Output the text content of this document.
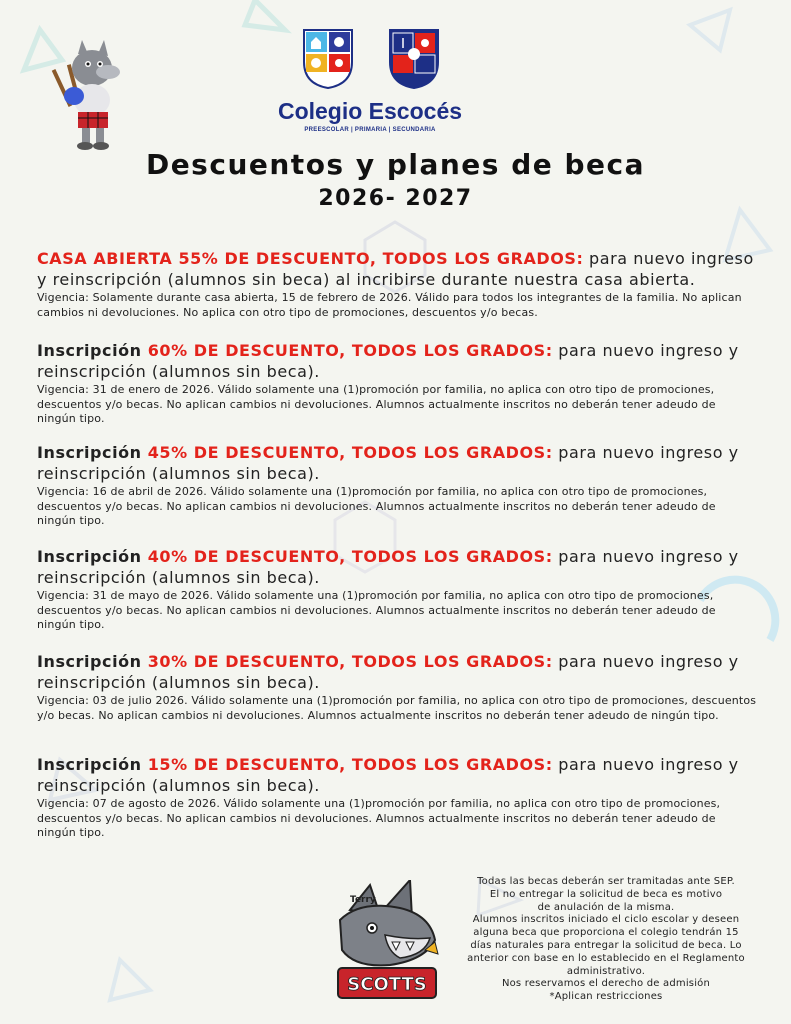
Colegio Escocés
PREESCOLAR | PRIMARIA | SECUNDARIA
Descuentos y planes de beca
2026- 2027
CASA ABIERTA 55% DE DESCUENTO, TODOS LOS GRADOS: para nuevo ingreso y reinscripción (alumnos sin beca) al incribirse durante nuestra casa abierta.
Vigencia: Solamente durante casa abierta, 15 de febrero de 2026. Válido para todos los integrantes de la familia. No aplican cambios ni devoluciones. No aplica con otro tipo de promociones, descuentos y/o becas.
Inscripción 60% DE DESCUENTO, TODOS LOS GRADOS: para nuevo ingreso y reinscripción (alumnos sin beca).
Vigencia: 31 de enero de 2026. Válido solamente una (1)promoción por familia, no aplica con otro tipo de promociones, descuentos y/o becas. No aplican cambios ni devoluciones. Alumnos actualmente inscritos no deberán tener adeudo de ningún tipo.
Inscripción 45% DE DESCUENTO, TODOS LOS GRADOS: para nuevo ingreso y reinscripción (alumnos sin beca).
Vigencia: 16 de abril de 2026. Válido solamente una (1)promoción por familia, no aplica con otro tipo de promociones, descuentos y/o becas. No aplican cambios ni devoluciones. Alumnos actualmente inscritos no deberán tener adeudo de ningún tipo.
Inscripción 40% DE DESCUENTO, TODOS LOS GRADOS: para nuevo ingreso y reinscripción (alumnos sin beca).
Vigencia: 31 de mayo de 2026. Válido solamente una (1)promoción por familia, no aplica con otro tipo de promociones, descuentos y/o becas. No aplican cambios ni devoluciones. Alumnos actualmente inscritos no deberán tener adeudo de ningún tipo.
Inscripción 30% DE DESCUENTO, TODOS LOS GRADOS: para nuevo ingreso y reinscripción (alumnos sin beca).
Vigencia: 03 de julio 2026. Válido solamente una (1)promoción por familia, no aplica con otro tipo de promociones, descuentos y/o becas. No aplican cambios ni devoluciones. Alumnos actualmente inscritos no deberán tener adeudo de ningún tipo.
Inscripción 15% DE DESCUENTO, TODOS LOS GRADOS: para nuevo ingreso y reinscripción (alumnos sin beca).
Vigencia: 07 de agosto de 2026. Válido solamente una (1)promoción por familia, no aplica con otro tipo de promociones, descuentos y/o becas. No aplican cambios ni devoluciones. Alumnos actualmente inscritos no deberán tener adeudo de ningún tipo.
Terry
SCOTTS
Todas las becas deberán ser tramitadas ante SEP.
El no entregar la solicitud de beca es motivo
de anulación de la misma.
Alumnos inscritos iniciado el ciclo escolar y deseen
alguna beca que proporciona el colegio tendrán 15
días naturales para entregar la solicitud de beca. Lo
anterior con base en lo establecido en el Reglamento
administrativo.
Nos reservamos el derecho de admisión
*Aplican restricciones
